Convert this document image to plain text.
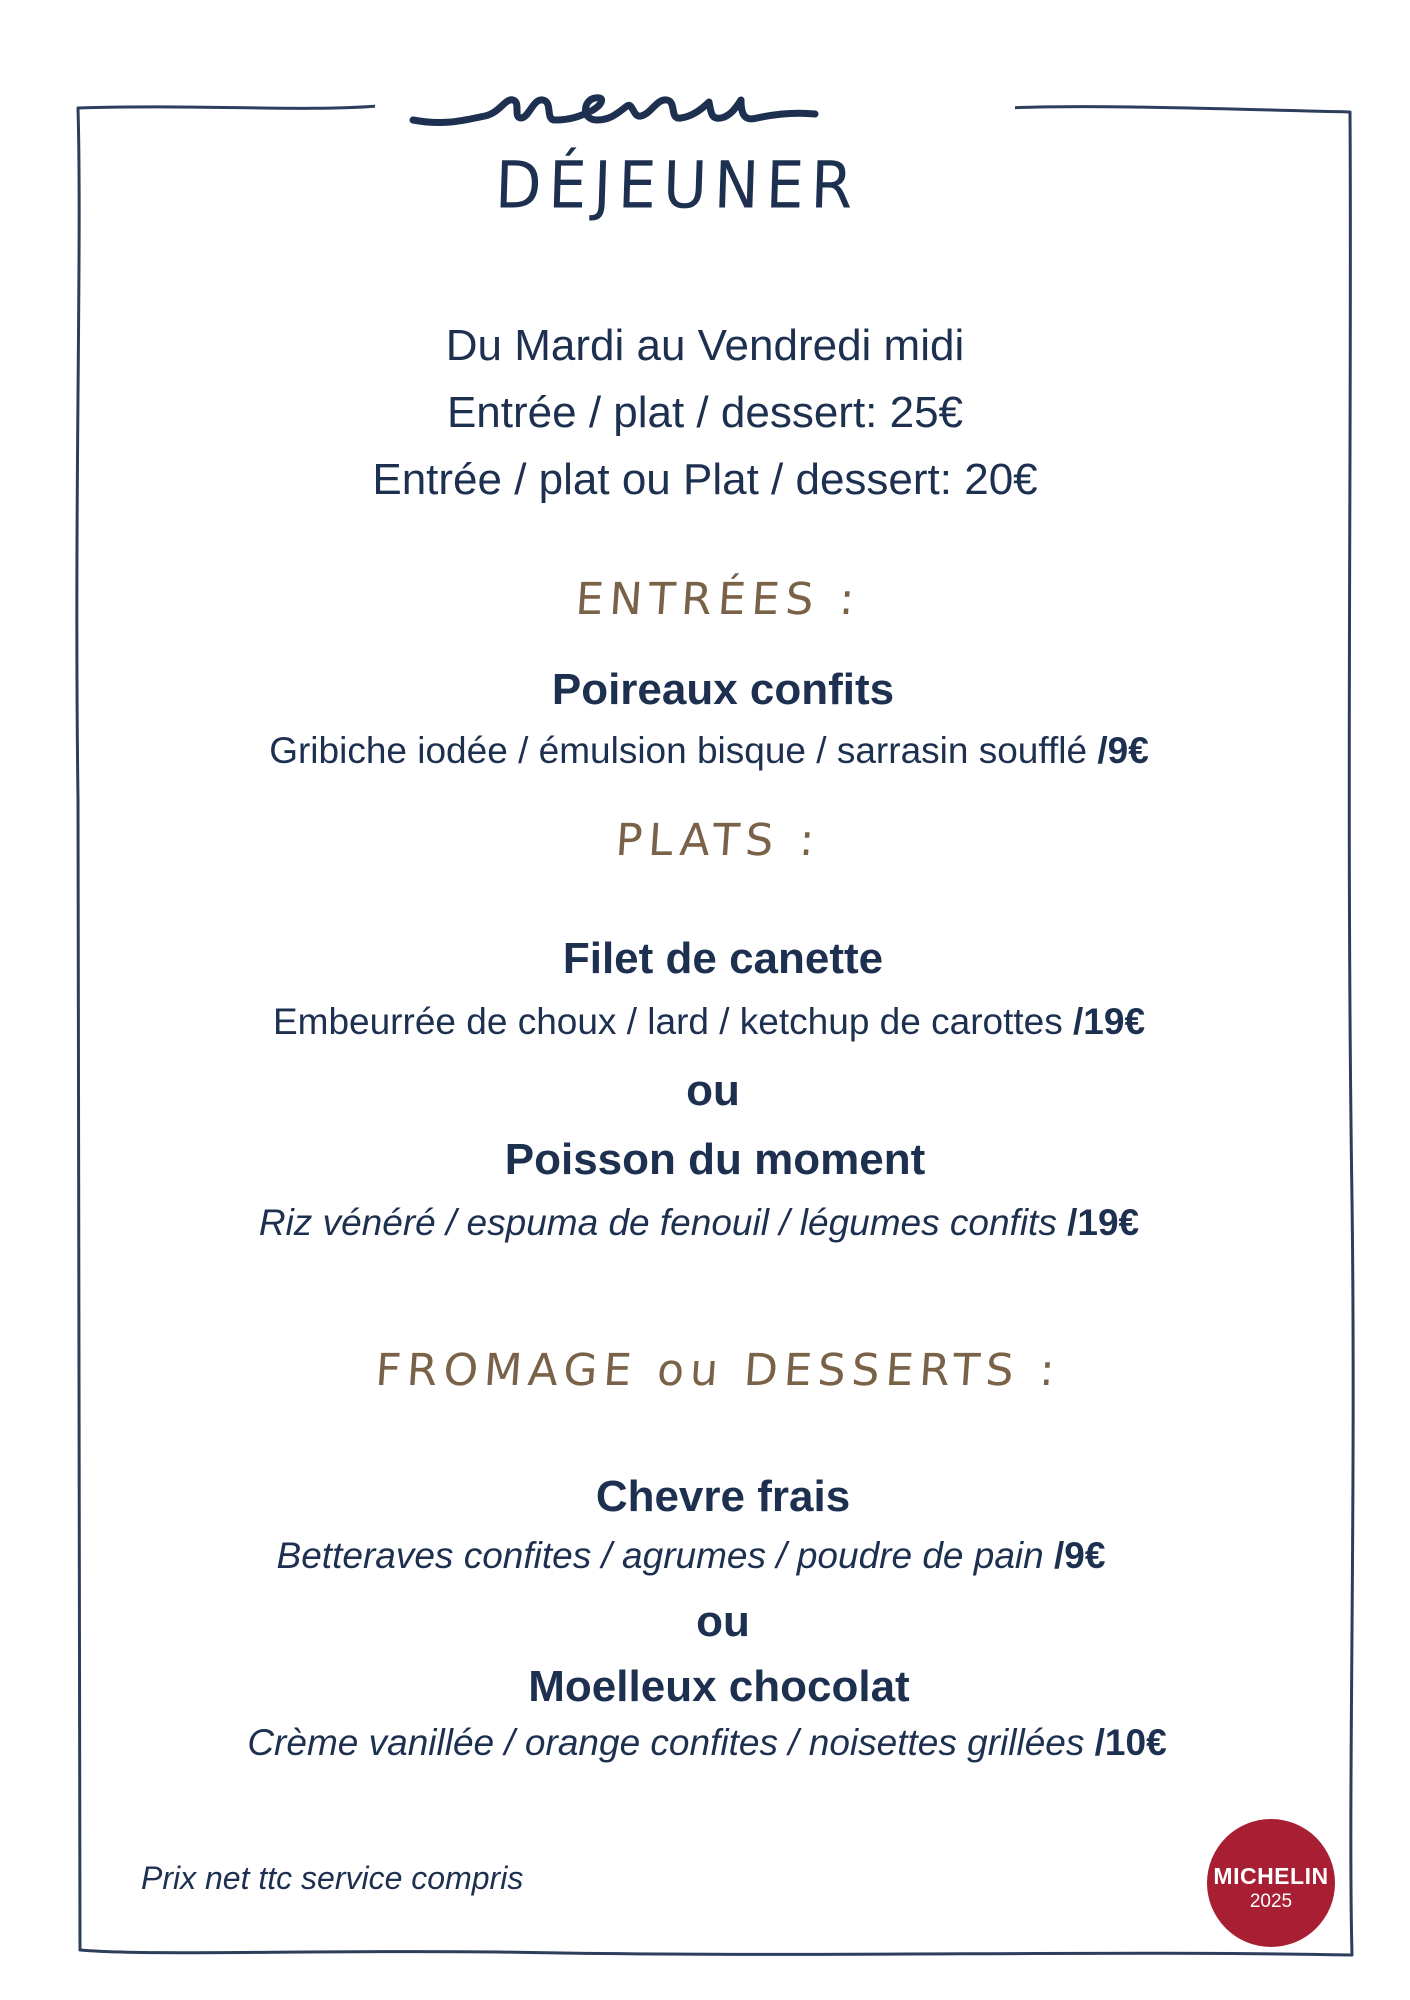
DÉJEUNER
Du Mardi au Vendredi midi
Entrée / plat / dessert: 25€
Entrée / plat ou Plat / dessert: 20€
ENTRÉES :
Poireaux confits
Gribiche iodée / émulsion bisque / sarrasin soufflé /9€
PLATS :
Filet de canette
Embeurrée de choux / lard / ketchup de carottes /19€
ou
Poisson du moment
Riz vénéré / espuma de fenouil / légumes confits /19€
FROMAGE ou DESSERTS :
Chevre frais
Betteraves confites / agrumes / poudre de pain /9€
ou
Moelleux chocolat
Crème vanillée / orange confites / noisettes grillées /10€
Prix net ttc service compris	MICHELIN
2025
